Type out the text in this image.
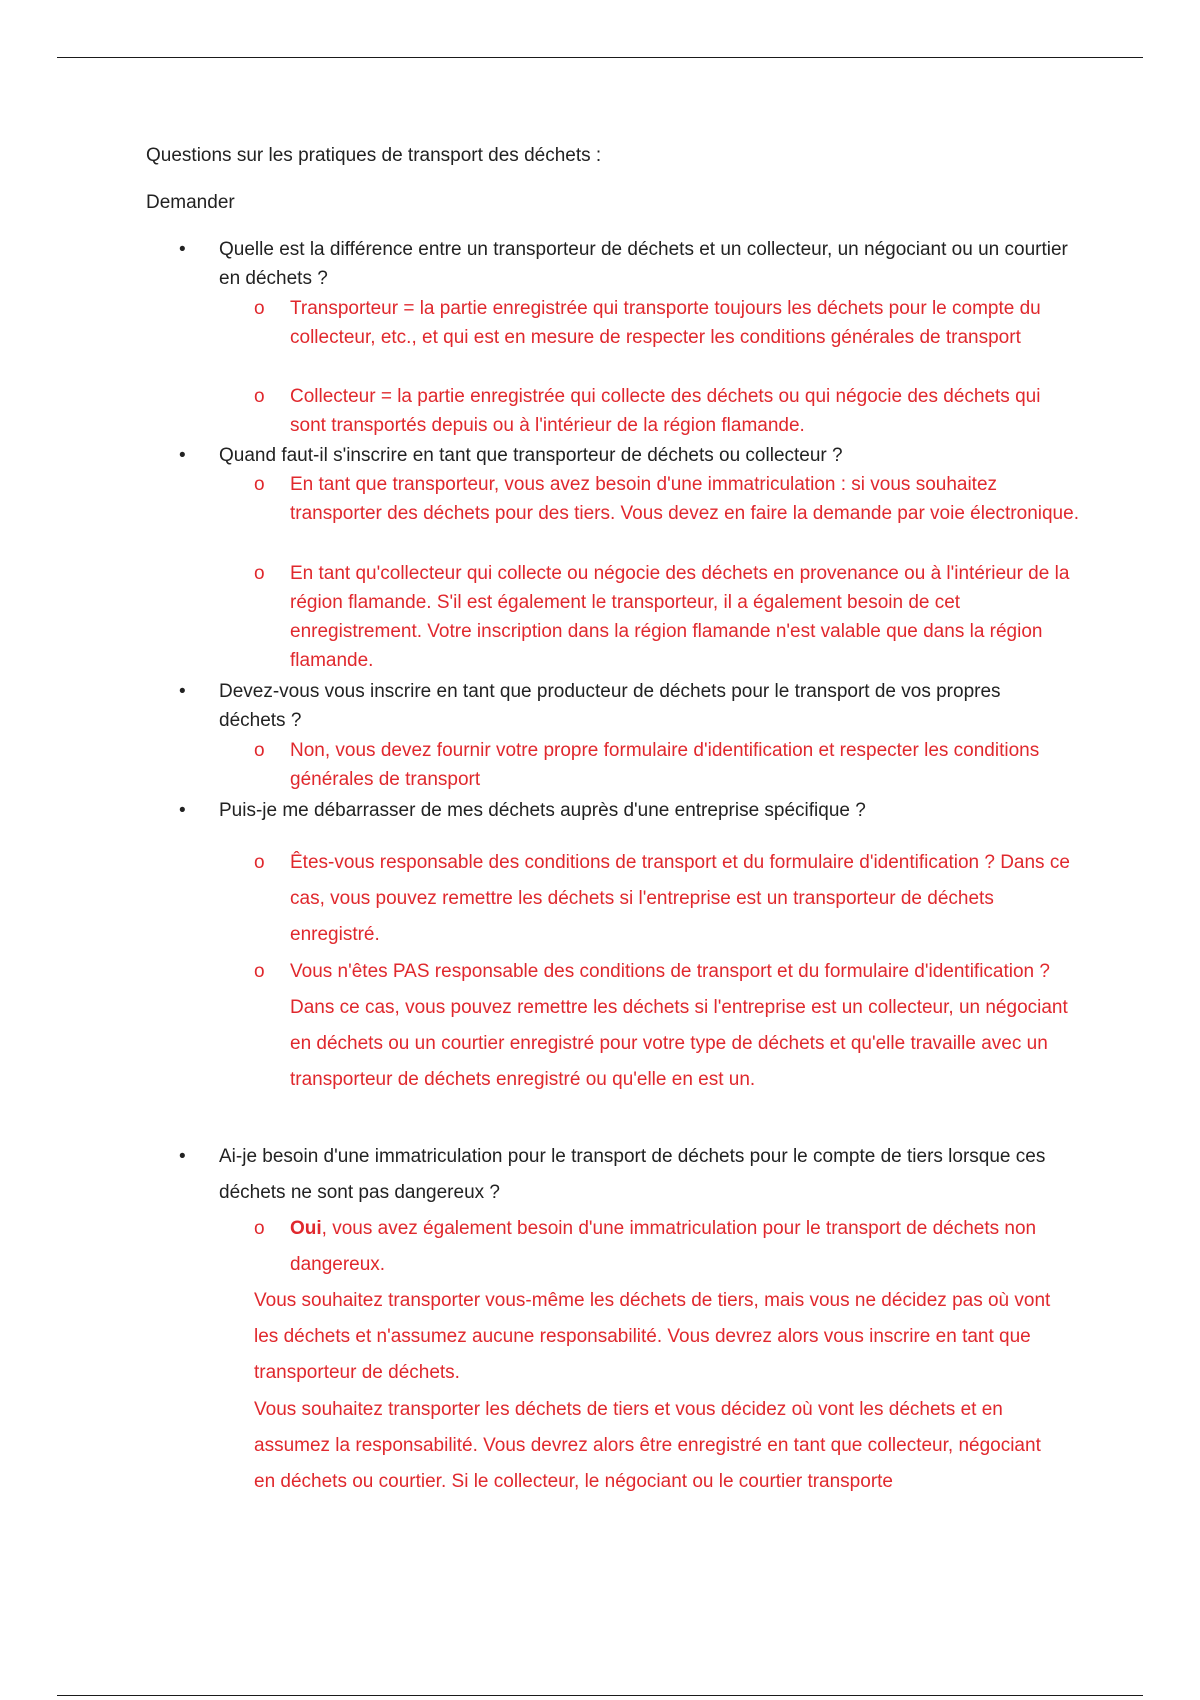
Questions sur les pratiques de transport des déchets :
Demander
• Quelle est la différence entre un transporteur de déchets et un collecteur, un négociant ou un courtier en déchets ?
o Transporteur = la partie enregistrée qui transporte toujours les déchets pour le compte du collecteur, etc., et qui est en mesure de respecter les conditions générales de transport
o Collecteur = la partie enregistrée qui collecte des déchets ou qui négocie des déchets qui sont transportés depuis ou à l'intérieur de la région flamande.
• Quand faut-il s'inscrire en tant que transporteur de déchets ou collecteur ?
o En tant que transporteur, vous avez besoin d'une immatriculation : si vous souhaitez transporter des déchets pour des tiers. Vous devez en faire la demande par voie électronique.
o En tant qu'collecteur qui collecte ou négocie des déchets en provenance ou à l'intérieur de la région flamande. S'il est également le transporteur, il a également besoin de cet enregistrement. Votre inscription dans la région flamande n'est valable que dans la région flamande.
• Devez-vous vous inscrire en tant que producteur de déchets pour le transport de vos propres déchets ?
o Non, vous devez fournir votre propre formulaire d'identification et respecter les conditions générales de transport
• Puis-je me débarrasser de mes déchets auprès d'une entreprise spécifique ?
o Êtes-vous responsable des conditions de transport et du formulaire d'identification ? Dans ce cas, vous pouvez remettre les déchets si l'entreprise est un transporteur de déchets enregistré.
o Vous n'êtes PAS responsable des conditions de transport et du formulaire d'identification ? Dans ce cas, vous pouvez remettre les déchets si l'entreprise est un collecteur, un négociant en déchets ou un courtier enregistré pour votre type de déchets et qu'elle travaille avec un transporteur de déchets enregistré ou qu'elle en est un.
• Ai-je besoin d'une immatriculation pour le transport de déchets pour le compte de tiers lorsque ces déchets ne sont pas dangereux ?
o Oui, vous avez également besoin d'une immatriculation pour le transport de déchets non dangereux.
Vous souhaitez transporter vous-même les déchets de tiers, mais vous ne décidez pas où vont les déchets et n'assumez aucune responsabilité. Vous devrez alors vous inscrire en tant que transporteur de déchets.
Vous souhaitez transporter les déchets de tiers et vous décidez où vont les déchets et en assumez la responsabilité. Vous devrez alors être enregistré en tant que collecteur, négociant en déchets ou courtier. Si le collecteur, le négociant ou le courtier transporte
